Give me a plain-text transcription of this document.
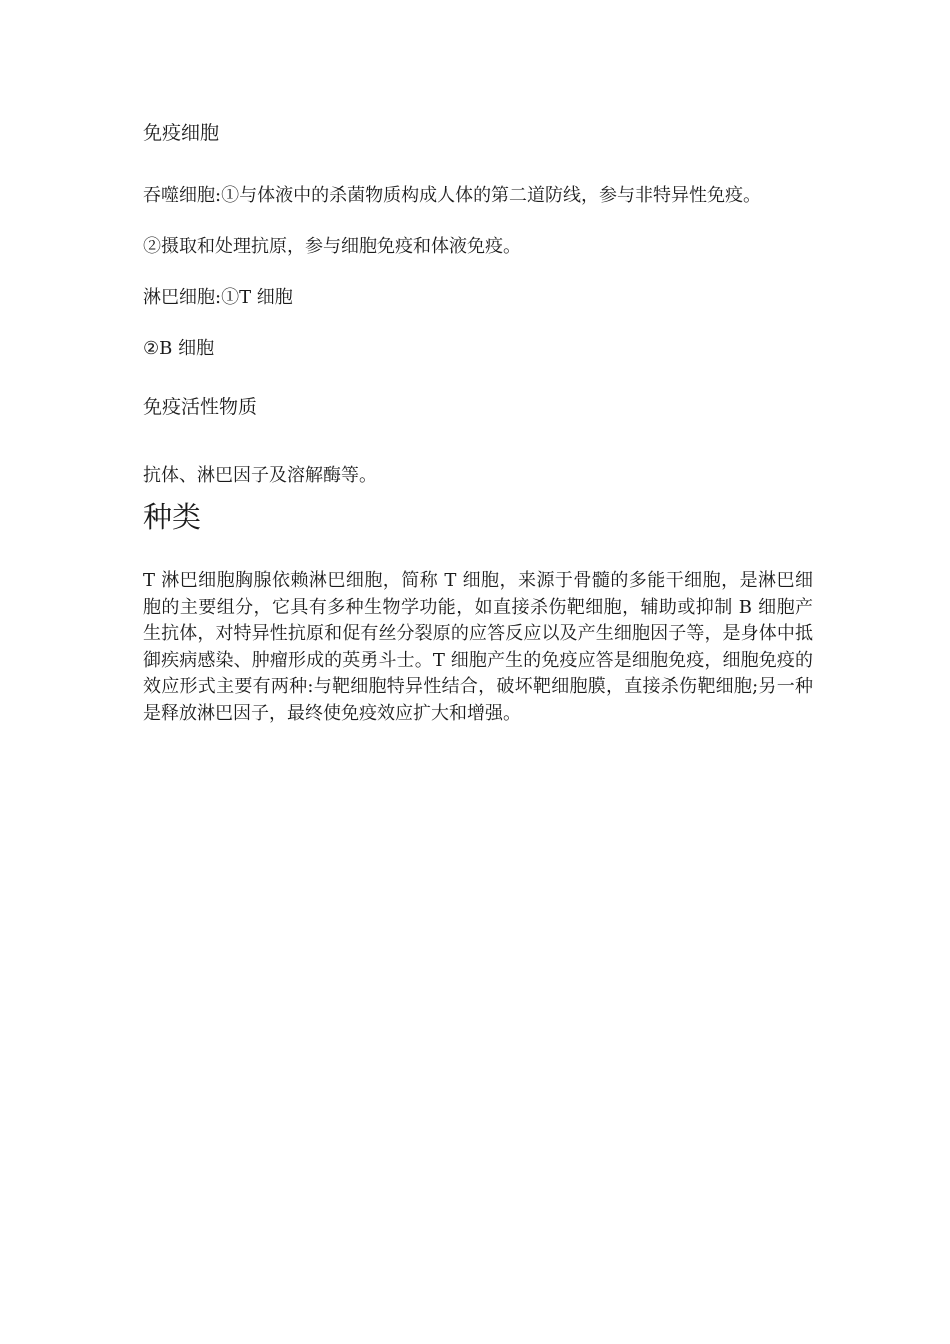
免疫细胞

吞噬细胞:①与体液中的杀菌物质构成人体的第二道防线，参与非特异性免疫。

②摄取和处理抗原，参与细胞免疫和体液免疫。

淋巴细胞:①T 细胞

②B 细胞

免疫活性物质

抗体、淋巴因子及溶解酶等。

种类

T 淋巴细胞胸腺依赖淋巴细胞，简称 T 细胞，来源于骨髓的多能干细胞，是淋巴细胞的主要组分，它具有多种生物学功能，如直接杀伤靶细胞，辅助或抑制 B 细胞产生抗体，对特异性抗原和促有丝分裂原的应答反应以及产生细胞因子等，是身体中抵御疾病感染、肿瘤形成的英勇斗士。T 细胞产生的免疫应答是细胞免疫，细胞免疫的效应形式主要有两种:与靶细胞特异性结合，破坏靶细胞膜，直接杀伤靶细胞;另一种是释放淋巴因子，最终使免疫效应扩大和增强。
